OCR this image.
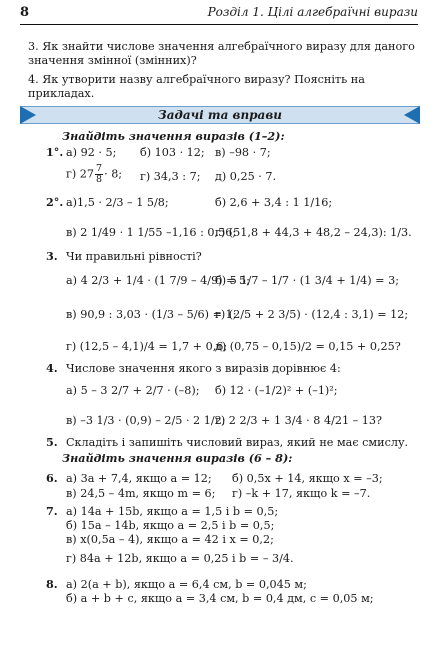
8	Розділ 1. Цілі алгебраїчні вирази
3. Як знайти числове значення алгебраїчного виразу для даного значення змінної (змінних)?
4. Як утворити назву алгебраїчного виразу? Поясніть на прикладах.
Задачі та вправи
Знайдіть значення виразів (1–2):
1°. а) 92 · 5; б) 103 · 12; в) –98 · 7;
г) $27 \frac{7}{8} \cdot 8$; г) 34,3 : 7; д) 0,25 · 7.
2°. а)1,5 · 2/3 – 1 5/8;	б) 2,6 + 3,4 : 1 1/16;
в) 2 1/49 · 1 1/55 –1,16 : 0,56;
г) (51,8 + 44,3 + 48,2 – 24,3): 1/3.
3. Чи правильні рівності?
а) 4 2/3 + 1/4 · (1 7/9 – 4/9) = 5;
б) 5 1/7 – 1/7 · (1 3/4 + 1/4) = 3;
в) 90,9 : 3,03 · (1/3 – 5/6) = 1;
г) (2/5 + 2 3/5) · (12,4 : 3,1) = 12;
г) (12,5 – 4,1)/4 = 1,7 + 0,6;
д) (0,75 – 0,15)/2 = 0,15 + 0,25?
4. Числове значення якого з виразів дорівнює 4:
а) 5 – 3 2/7 + 2/7 · (–8); б) 12 · (–1/2)² + (–1)²;
в) –3 1/3 · (0,9) – 2/5 · 2 1/2;
г) 2 2/3 + 1 3/4 · 8 4/21 – 13?
5. Складіть і запишіть числовий вираз, який не має смислу.
Знайдіть значення виразів (6 – 8):
6. а) 3a + 7,4, якщо a = 12; б) 0,5x + 14, якщо x = –3;
в) 24,5 – 4m, якщо m = 6; г) –k + 17, якщо k = –7.
7. а) 14a + 15b, якщо a = 1,5 і b = 0,5;
б) 15a – 14b, якщо a = 2,5 і b = 0,5;
в) x(0,5a – 4), якщо a = 42 і x = 0,2;
г) 84a + 12b, якщо a = 0,25 і b = – 3/4.
8. а) 2(a + b), якщо a = 6,4 см, b = 0,045 м;
б) a + b + c, якщо a = 3,4 см, b = 0,4 дм, c = 0,05 м;
